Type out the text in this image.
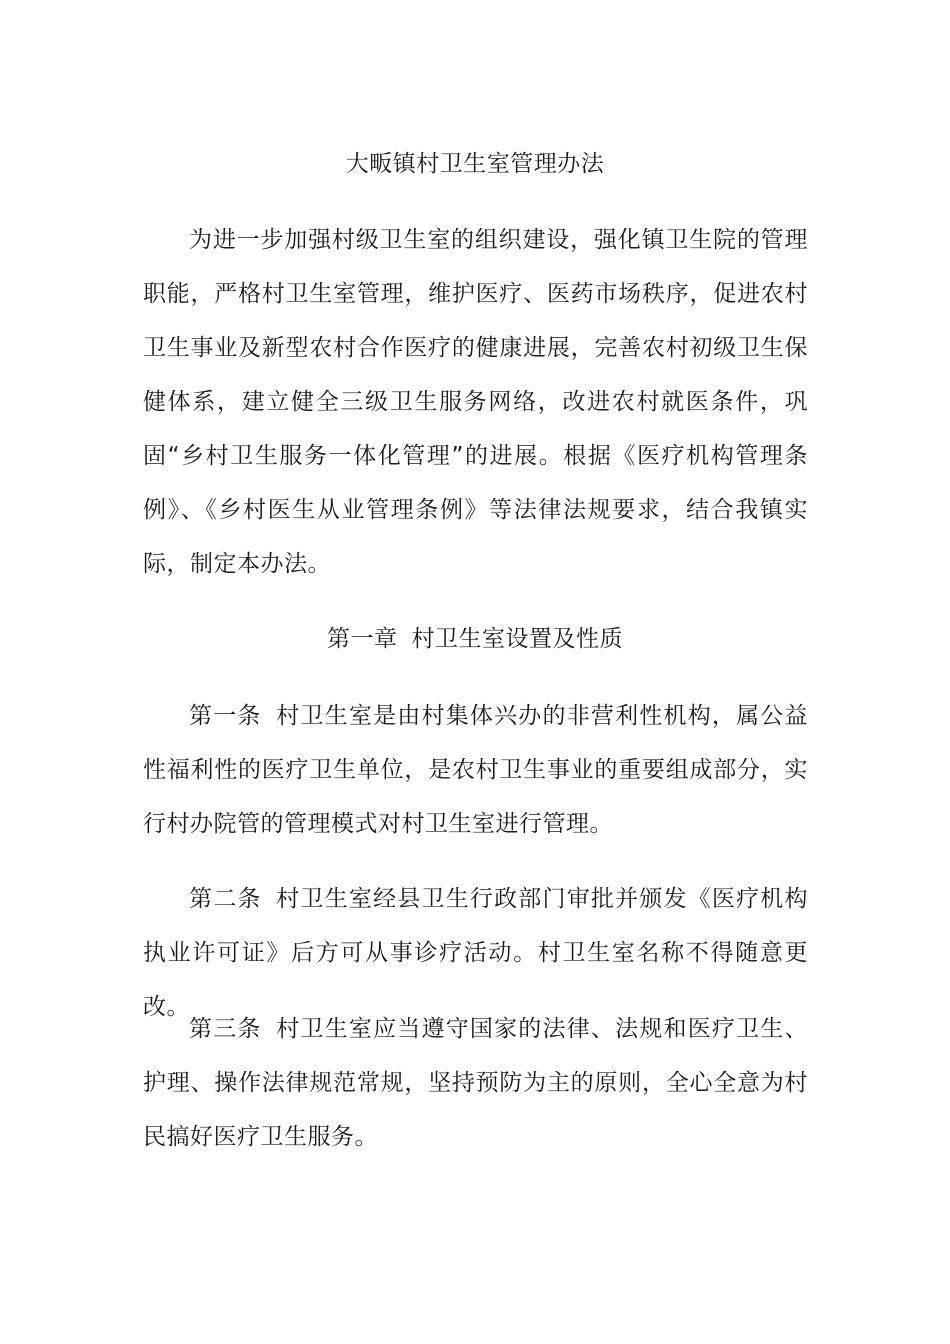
大畈镇村卫生室管理办法

为进一步加强村级卫生室的组织建设，强化镇卫生院的管理职能，严格村卫生室管理，维护医疗、医药市场秩序，促进农村卫生事业及新型农村合作医疗的健康进展，完善农村初级卫生保健体系，建立健全三级卫生服务网络，改进农村就医条件，巩固“乡村卫生服务一体化管理”的进展。根据《医疗机构管理条例》、《乡村医生从业管理条例》等法律法规要求，结合我镇实际，制定本办法。

第一章 村卫生室设置及性质

第一条 村卫生室是由村集体兴办的非营利性机构，属公益性福利性的医疗卫生单位，是农村卫生事业的重要组成部分，实行村办院管的管理模式对村卫生室进行管理。

第二条 村卫生室经县卫生行政部门审批并颁发《医疗机构执业许可证》后方可从事诊疗活动。村卫生室名称不得随意更改。

第三条 村卫生室应当遵守国家的法律、法规和医疗卫生、护理、操作法律规范常规，坚持预防为主的原则，全心全意为村民搞好医疗卫生服务。
